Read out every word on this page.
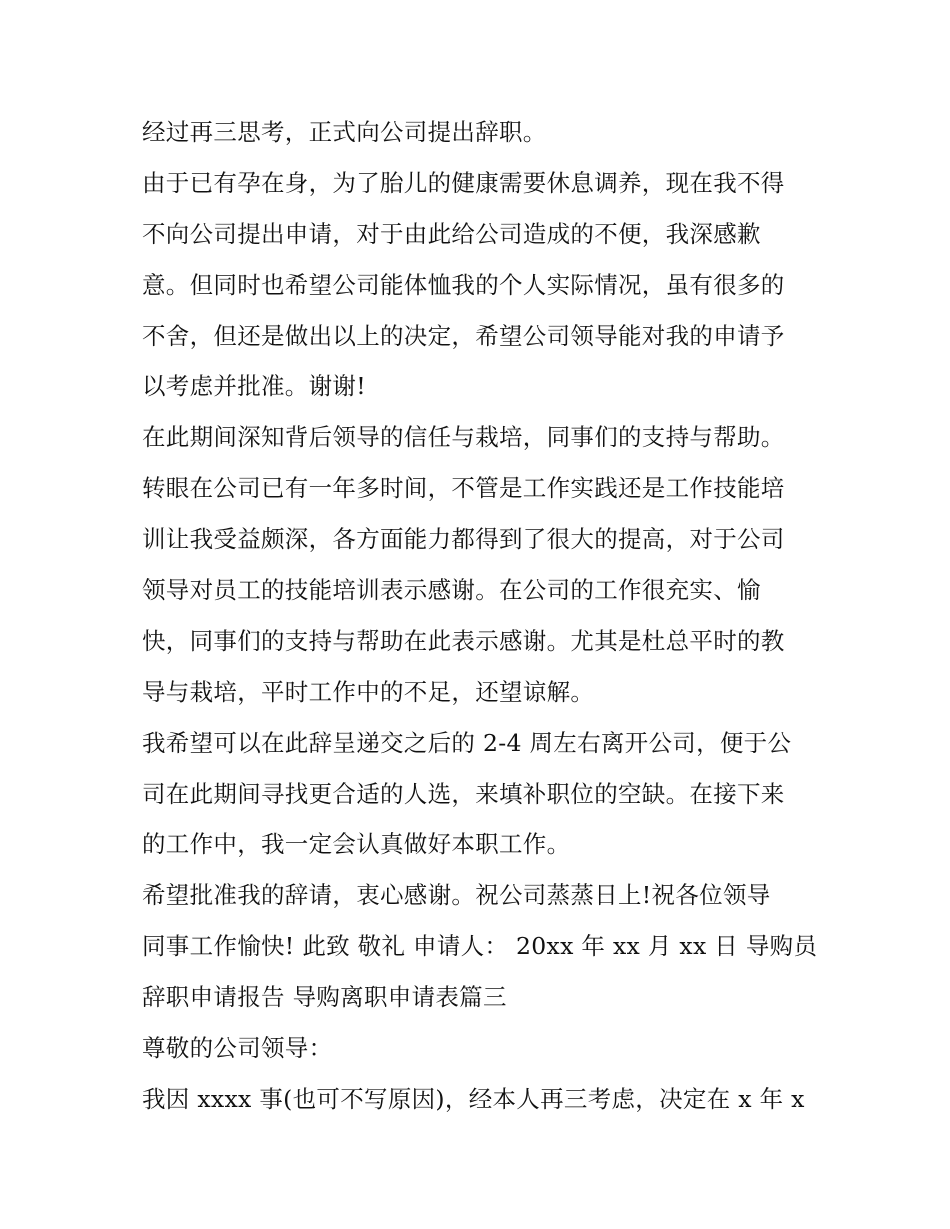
经过再三思考，正式向公司提出辞职。
由于已有孕在身，为了胎儿的健康需要休息调养，现在我不得
不向公司提出申请，对于由此给公司造成的不便，我深感歉
意。但同时也希望公司能体恤我的个人实际情况，虽有很多的
不舍，但还是做出以上的决定，希望公司领导能对我的申请予
以考虑并批准。谢谢!
在此期间深知背后领导的信任与栽培，同事们的支持与帮助。
转眼在公司已有一年多时间，不管是工作实践还是工作技能培
训让我受益颇深，各方面能力都得到了很大的提高，对于公司
领导对员工的技能培训表示感谢。在公司的工作很充实、愉
快，同事们的支持与帮助在此表示感谢。尤其是杜总平时的教
导与栽培，平时工作中的不足，还望谅解。
我希望可以在此辞呈递交之后的 2-4 周左右离开公司，便于公
司在此期间寻找更合适的人选，来填补职位的空缺。在接下来
的工作中，我一定会认真做好本职工作。
希望批准我的辞请，衷心感谢。祝公司蒸蒸日上!祝各位领导
同事工作愉快! 此致 敬礼 申请人： 20xx 年 xx 月 xx 日 导购员
辞职申请报告 导购离职申请表篇三
尊敬的公司领导：
我因 xxxx 事(也可不写原因)，经本人再三考虑，决定在 x 年 x
